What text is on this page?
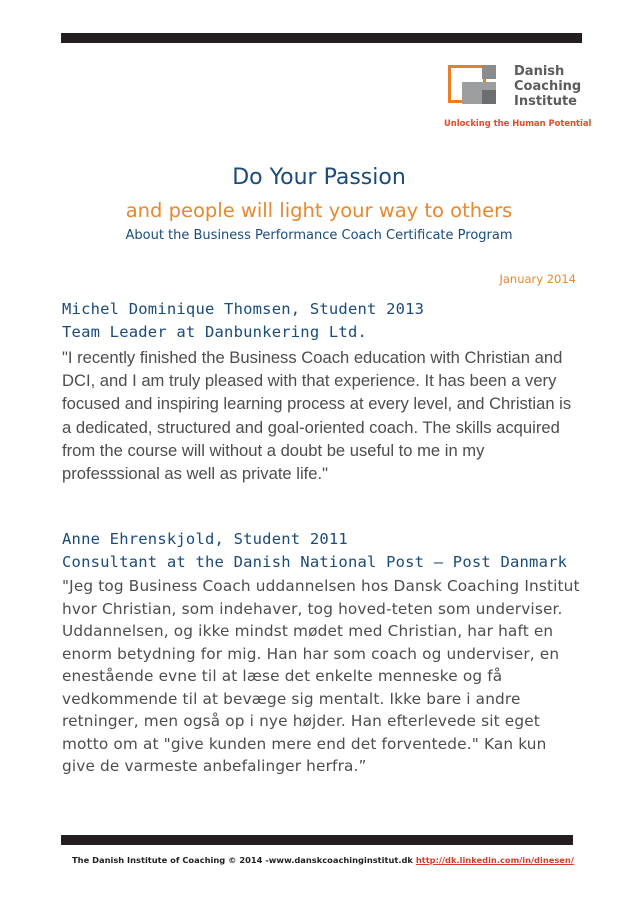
Danish
Coaching
Institute
Unlocking the Human Potential
Do Your Passion
and people will light your way to others
About the Business Performance Coach Certificate Program
January 2014
Michel Dominique Thomsen, Student 2013
Team Leader at Danbunkering Ltd.
"I recently finished the Business Coach education with Christian and DCI, and I am truly pleased with that experience. It has been a very focused and inspiring learning process at every level, and Christian is a dedicated, structured and goal-oriented coach. The skills acquired from the course will without a doubt be useful to me in my professsional as well as private life."
Anne Ehrenskjold, Student 2011
Consultant at the Danish National Post – Post Danmark
"Jeg tog Business Coach uddannelsen hos Dansk Coaching Institut hvor Christian, som indehaver, tog hoved-teten som underviser. Uddannelsen, og ikke mindst mødet med Christian, har haft en enorm betydning for mig. Han har som coach og underviser, en enestående evne til at læse det enkelte menneske og få vedkommende til at bevæge sig mentalt. Ikke bare i andre retninger, men også op i nye højder. Han efterlevede sit eget motto om at "give kunden mere end det forventede." Kan kun give de varmeste anbefalinger herfra.”
The Danish Institute of Coaching © 2014 -www.danskcoachinginstitut.dk http://dk.linkedin.com/in/dinesen/
